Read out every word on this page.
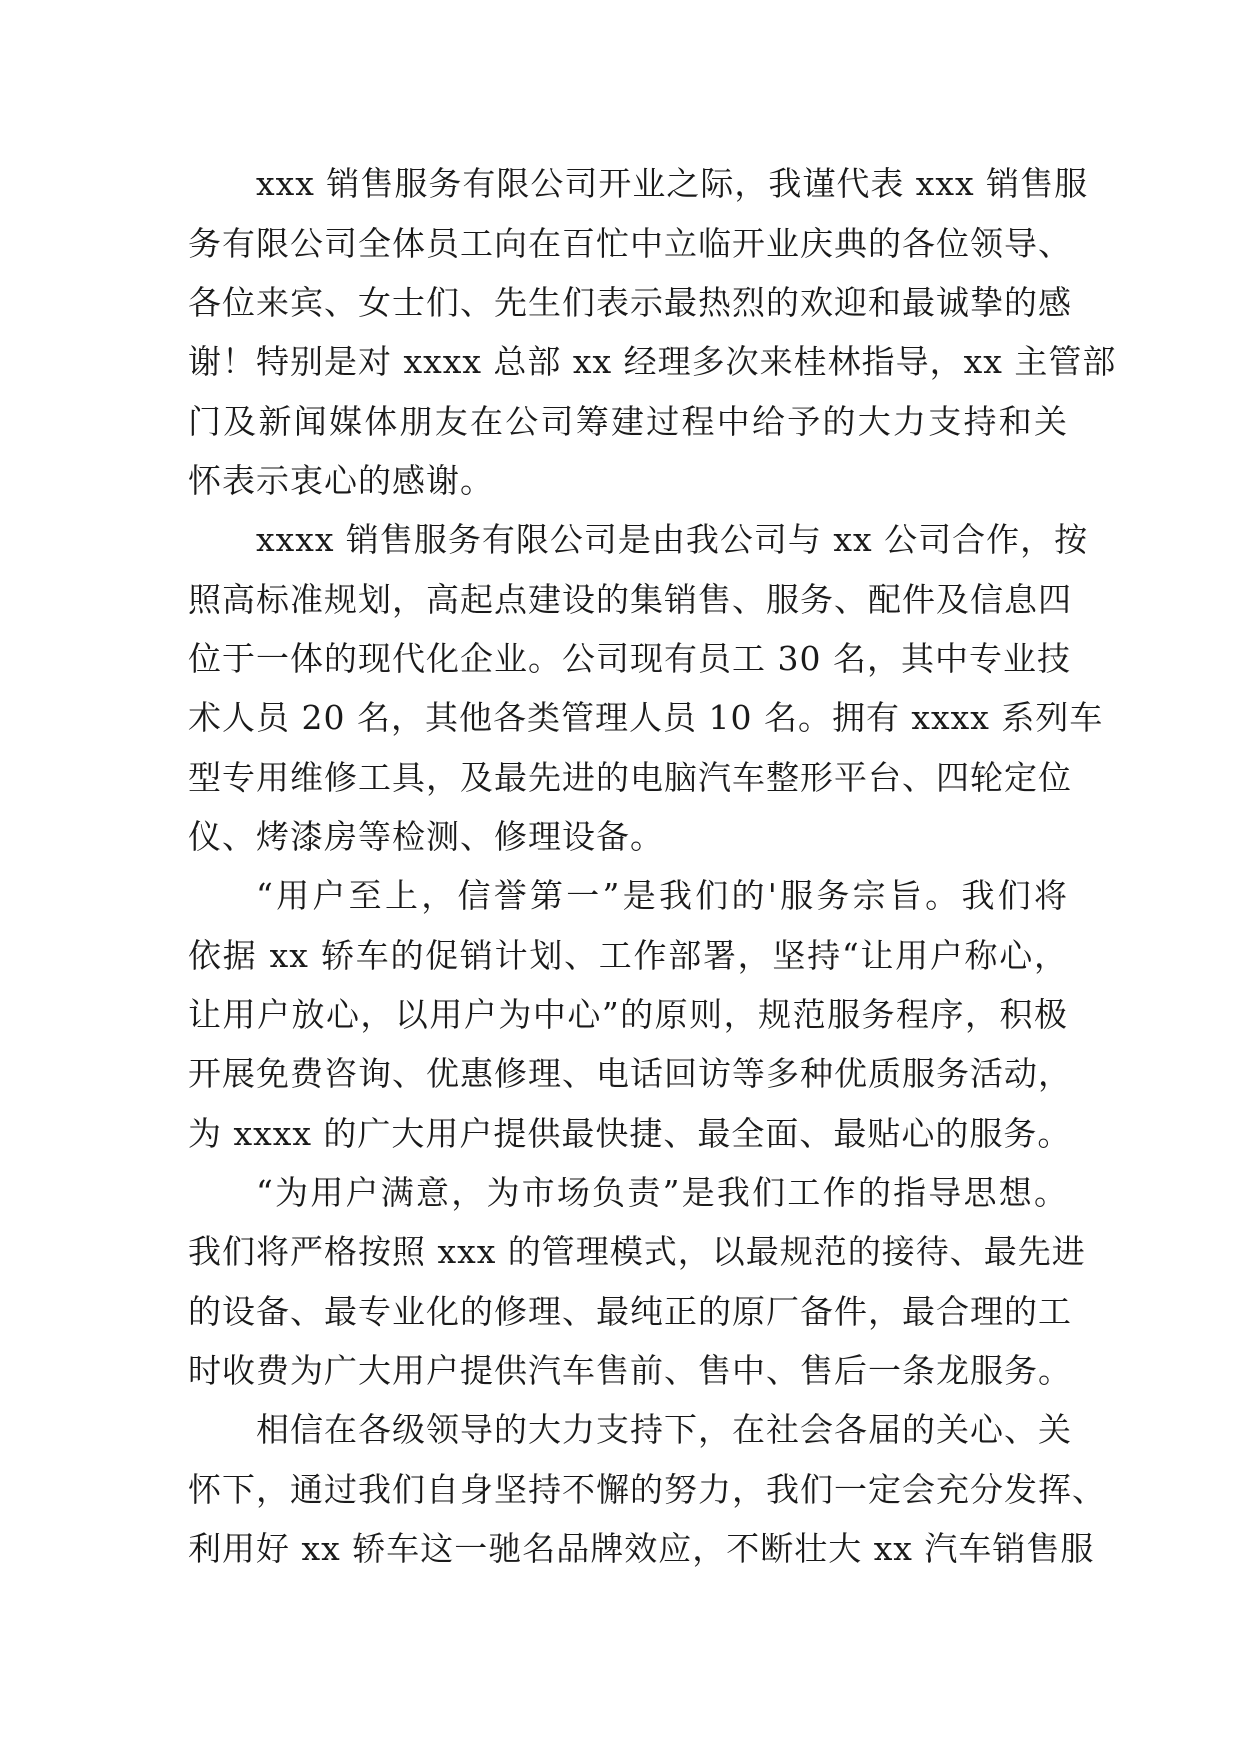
xxx 销售服务有限公司开业之际，我谨代表 xxx 销售服
务有限公司全体员工向在百忙中立临开业庆典的各位领导、
各位来宾、女士们、先生们表示最热烈的欢迎和最诚挚的感
谢！特别是对 xxxx 总部 xx 经理多次来桂林指导，xx 主管部
门及新闻媒体朋友在公司筹建过程中给予的大力支持和关
怀表示衷心的感谢。
xxxx 销售服务有限公司是由我公司与 xx 公司合作，按
照高标准规划，高起点建设的集销售、服务、配件及信息四
位于一体的现代化企业。公司现有员工 30 名，其中专业技
术人员 20 名，其他各类管理人员 10 名。拥有 xxxx 系列车
型专用维修工具，及最先进的电脑汽车整形平台、四轮定位
仪、烤漆房等检测、修理设备。
“用户至上，信誉第一”是我们的'服务宗旨。我们将
依据 xx 轿车的促销计划、工作部署，坚持“让用户称心，
让用户放心，以用户为中心”的原则，规范服务程序，积极
开展免费咨询、优惠修理、电话回访等多种优质服务活动，
为 xxxx 的广大用户提供最快捷、最全面、最贴心的服务。
“为用户满意，为市场负责”是我们工作的指导思想。
我们将严格按照 xxx 的管理模式，以最规范的接待、最先进
的设备、最专业化的修理、最纯正的原厂备件，最合理的工
时收费为广大用户提供汽车售前、售中、售后一条龙服务。
相信在各级领导的大力支持下，在社会各届的关心、关
怀下，通过我们自身坚持不懈的努力，我们一定会充分发挥、
利用好 xx 轿车这一驰名品牌效应，不断壮大 xx 汽车销售服
